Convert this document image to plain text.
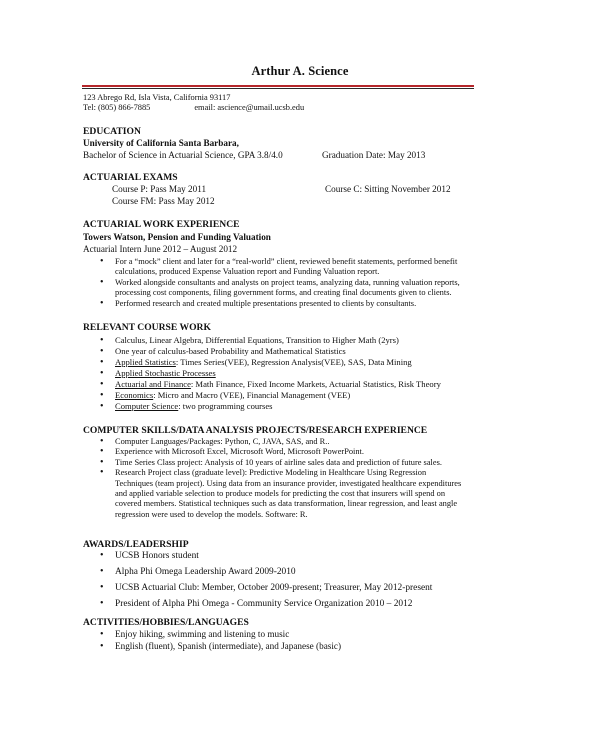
Arthur A. Science
123 Abrego Rd, Isla Vista, California 93117
Tel: (805) 866-7885	email: ascience@umail.ucsb.edu
EDUCATION
University of California Santa Barbara,
Bachelor of Science in Actuarial Science, GPA 3.8/4.0	Graduation Date: May 2013
ACTUARIAL EXAMS
Course P: Pass May 2011	Course C: Sitting November 2012
Course FM: Pass May 2012
ACTUARIAL WORK EXPERIENCE
Towers Watson, Pension and Funding Valuation
Actuarial Intern June 2012 – August 2012
• For a “mock” client and later for a “real-world” client, reviewed benefit statements, performed benefit
calculations, produced Expense Valuation report and Funding Valuation report.
• Worked alongside consultants and analysts on project teams, analyzing data, running valuation reports,
processing cost components, filing government forms, and creating final documents given to clients.
• Performed research and created multiple presentations presented to clients by consultants.
RELEVANT COURSE WORK
• Calculus, Linear Algebra, Differential Equations, Transition to Higher Math (2yrs)
• One year of calculus-based Probability and Mathematical Statistics
• Applied Statistics: Times Series(VEE), Regression Analysis(VEE), SAS, Data Mining
• Applied Stochastic Processes
• Actuarial and Finance: Math Finance, Fixed Income Markets, Actuarial Statistics, Risk Theory
• Economics: Micro and Macro (VEE), Financial Management (VEE)
• Computer Science: two programming courses
COMPUTER SKILLS/DATA ANALYSIS PROJECTS/RESEARCH EXPERIENCE
• Computer Languages/Packages: Python, C, JAVA, SAS, and R..
• Experience with Microsoft Excel, Microsoft Word, Microsoft PowerPoint.
• Time Series Class project: Analysis of 10 years of airline sales data and prediction of future sales.
• Research Project class (graduate level): Predictive Modeling in Healthcare Using Regression
Techniques (team project). Using data from an insurance provider, investigated healthcare expenditures
and applied variable selection to produce models for predicting the cost that insurers will spend on
covered members. Statistical techniques such as data transformation, linear regression, and least angle
regression were used to develop the models. Software: R.
AWARDS/LEADERSHIP
• UCSB Honors student
• Alpha Phi Omega Leadership Award 2009-2010
• UCSB Actuarial Club: Member, October 2009-present; Treasurer, May 2012-present
• President of Alpha Phi Omega - Community Service Organization 2010 – 2012
ACTIVITIES/HOBBIES/LANGUAGES
• Enjoy hiking, swimming and listening to music
• English (fluent), Spanish (intermediate), and Japanese (basic)
